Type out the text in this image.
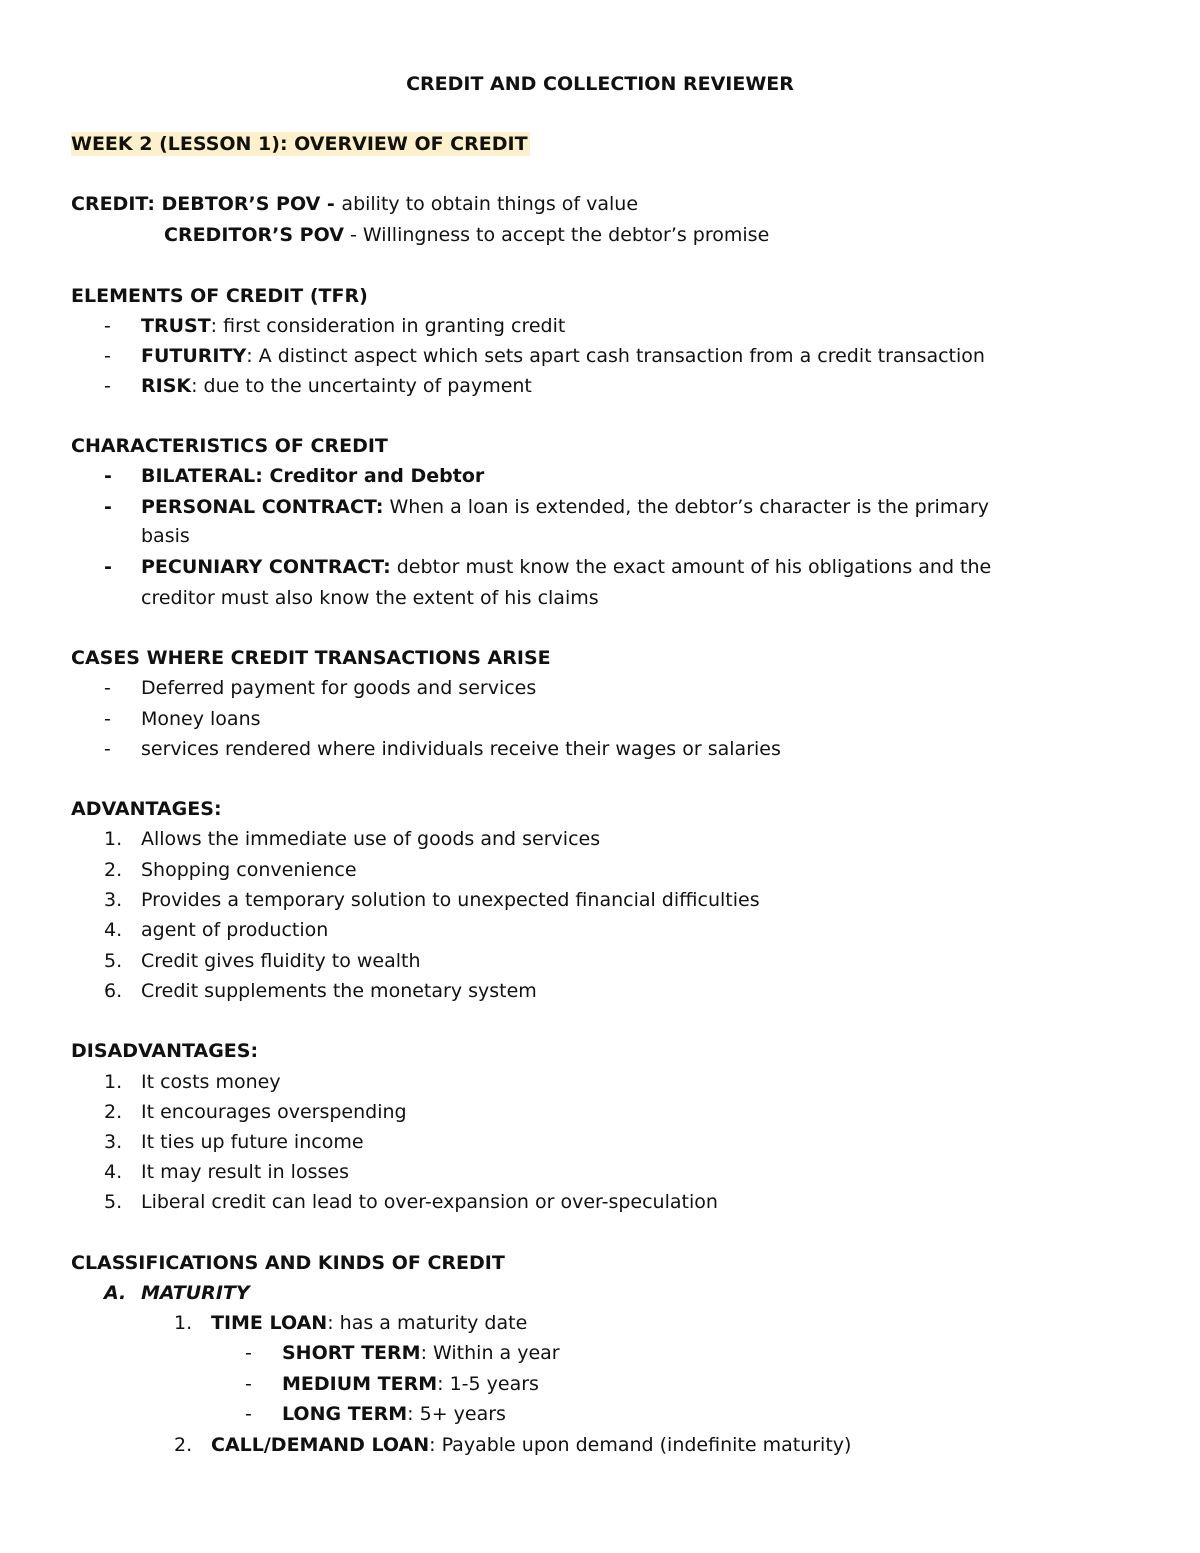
CREDIT AND COLLECTION REVIEWER
WEEK 2 (LESSON 1): OVERVIEW OF CREDIT
CREDIT: DEBTOR’S POV - ability to obtain things of value
CREDITOR’S POV - Willingness to accept the debtor’s promise
ELEMENTS OF CREDIT (TFR)
- TRUST: first consideration in granting credit
- FUTURITY: A distinct aspect which sets apart cash transaction from a credit transaction
- RISK: due to the uncertainty of payment
CHARACTERISTICS OF CREDIT
- BILATERAL: Creditor and Debtor
- PERSONAL CONTRACT: When a loan is extended, the debtor’s character is the primary
basis
- PECUNIARY CONTRACT: debtor must know the exact amount of his obligations and the
creditor must also know the extent of his claims
CASES WHERE CREDIT TRANSACTIONS ARISE
- Deferred payment for goods and services
- Money loans
- services rendered where individuals receive their wages or salaries
ADVANTAGES:
1. Allows the immediate use of goods and services
2. Shopping convenience
3. Provides a temporary solution to unexpected financial difficulties
4. agent of production
5. Credit gives fluidity to wealth
6. Credit supplements the monetary system
DISADVANTAGES:
1. It costs money
2. It encourages overspending
3. It ties up future income
4. It may result in losses
5. Liberal credit can lead to over-expansion or over-speculation
CLASSIFICATIONS AND KINDS OF CREDIT
A. MATURITY
1. TIME LOAN: has a maturity date
- SHORT TERM: Within a year
- MEDIUM TERM: 1-5 years
- LONG TERM: 5+ years
2. CALL/DEMAND LOAN: Payable upon demand (indefinite maturity)
